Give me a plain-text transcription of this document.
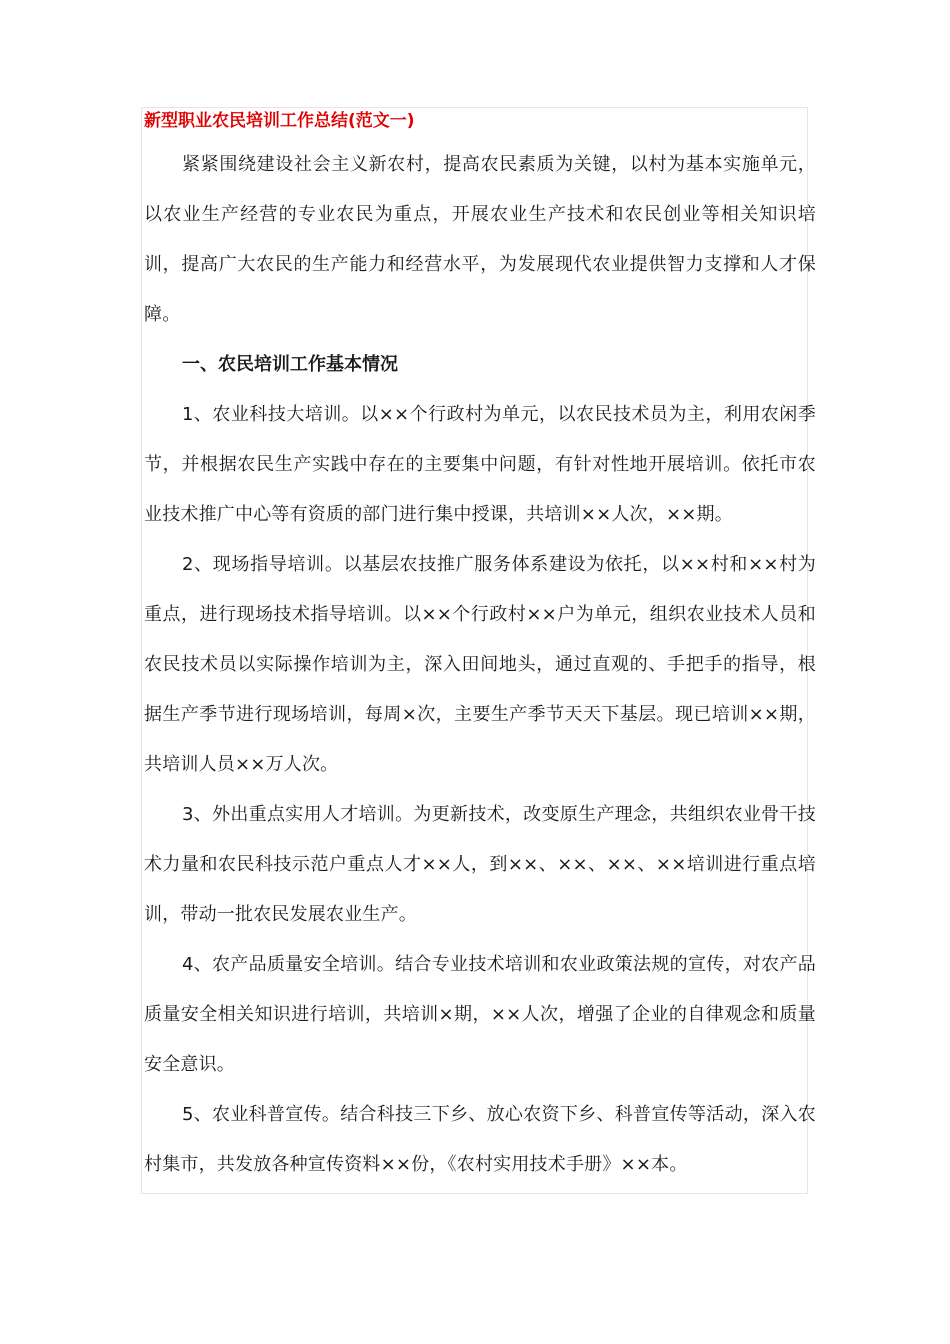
新型职业农民培训工作总结(范文一)

紧紧围绕建设社会主义新农村，提高农民素质为关键，以村为基本实施单元，以农业生产经营的专业农民为重点，开展农业生产技术和农民创业等相关知识培训，提高广大农民的生产能力和经营水平，为发展现代农业提供智力支撑和人才保障。

一、农民培训工作基本情况

1、农业科技大培训。以××个行政村为单元，以农民技术员为主，利用农闲季节，并根据农民生产实践中存在的主要集中问题，有针对性地开展培训。依托市农业技术推广中心等有资质的部门进行集中授课，共培训××人次，××期。

2、现场指导培训。以基层农技推广服务体系建设为依托，以××村和××村为重点，进行现场技术指导培训。以××个行政村××户为单元，组织农业技术人员和农民技术员以实际操作培训为主，深入田间地头，通过直观的、手把手的指导，根据生产季节进行现场培训，每周×次，主要生产季节天天下基层。现已培训××期，共培训人员××万人次。

3、外出重点实用人才培训。为更新技术，改变原生产理念，共组织农业骨干技术力量和农民科技示范户重点人才××人，到××、××、××、××培训进行重点培训，带动一批农民发展农业生产。

4、农产品质量安全培训。结合专业技术培训和农业政策法规的宣传，对农产品质量安全相关知识进行培训，共培训×期，××人次，增强了企业的自律观念和质量安全意识。

5、农业科普宣传。结合科技三下乡、放心农资下乡、科普宣传等活动，深入农村集市，共发放各种宣传资料××份，《农村实用技术手册》××本。
